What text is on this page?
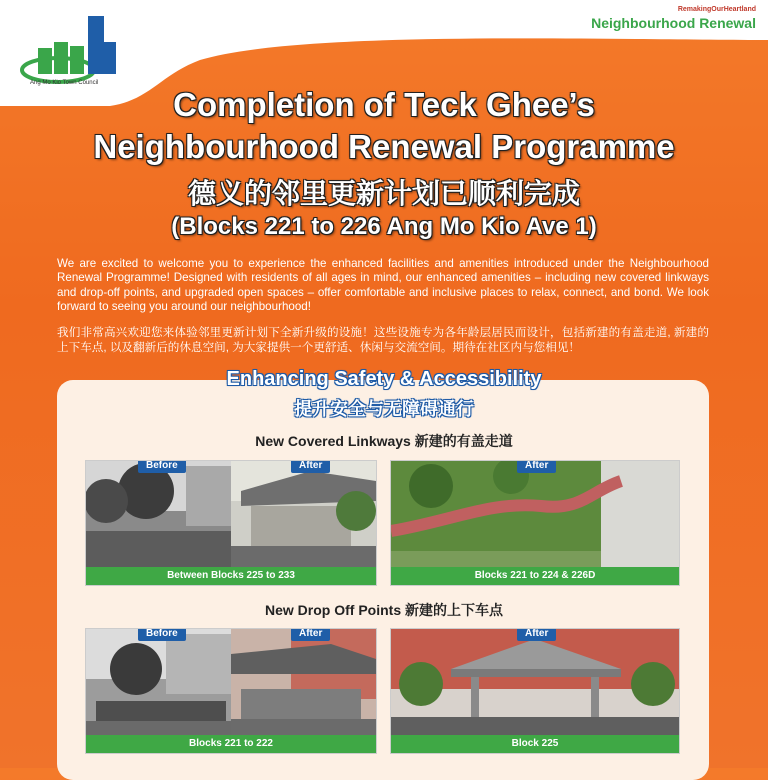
Ang Mo Kio Town Council
RemakingOurHeartland
Neighbourhood Renewal
Completion of Teck Ghee’s
Neighbourhood Renewal Programme
德义的邻里更新计划已顺利完成
(Blocks 221 to 226 Ang Mo Kio Ave 1)
We are excited to welcome you to experience the enhanced facilities and amenities introduced under the Neighbourhood Renewal Programme! Designed with residents of all ages in mind, our enhanced amenities – including new covered linkways and drop-off points, and upgraded open spaces – offer comfortable and inclusive places to relax, connect, and bond. We look forward to seeing you around our neighbourhood!
我们非常高兴欢迎您来体验邻里更新计划下全新升级的设施！这些设施专为各年龄层居民而设计，包括新建的有盖走道, 新建的上下车点, 以及翻新后的休息空间, 为大家提供一个更舒适、休闲与交流空间。期待在社区内与您相见！
Enhancing Safety & Accessibility
提升安全与无障碍通行
New Covered Linkways 新建的有盖走道
Before	After
Between Blocks 225 to 233
After
Blocks 221 to 224 & 226D
New Drop Off Points 新建的上下车点
Before	After
Blocks 221 to 222
After
Block 225
